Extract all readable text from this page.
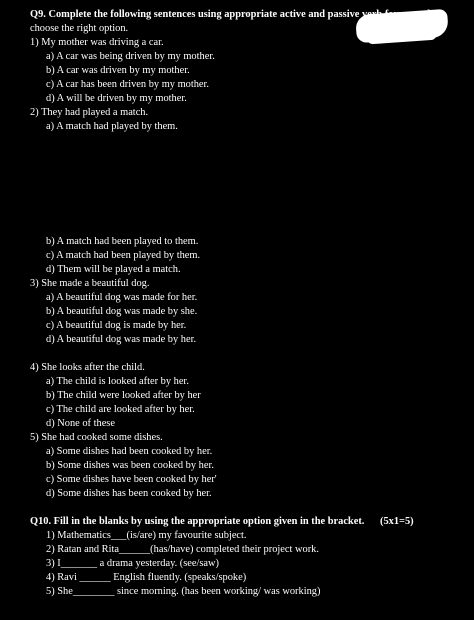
Q9. Complete the following sentences using appropriate active and passive verb forms and
choose the right option.
1) My mother was driving a car.
a) A car was being driven by my mother.
b) A car was driven by my mother.
c) A car has been driven by my mother.
d) A will be driven by my mother.
2) They had played a match.
a) A match had played by them.
b) A match had been played to them.
c) A match had been played by them.
d) Them will be played a match.
3) She made a beautiful dog.
a) A beautiful dog was made for her.
b) A beautiful dog was made by she.
c) A beautiful dog is made by her.
d) A beautiful dog was made by her.
4) She looks after the child.
a) The child is looked after by her.
b) The child were looked after by her
c) The child are looked after by her.
d) None of these
5) She had cooked some dishes.
a) Some dishes had been cooked by her.
b) Some dishes was been cooked by her.
c) Some dishes have been cooked by her'
d) Some dishes has been cooked by her.
Q10. Fill in the blanks by using the appropriate option given in the bracket. (5x1=5)
1) Mathematics___(is/are) my favourite subject.
2) Ratan and Rita______(has/have) completed their project work.
3) I_______ a drama yesterday. (see/saw)
4) Ravi ______ English fluently. (speaks/spoke)
5) She________ since morning. (has been working/ was working)
